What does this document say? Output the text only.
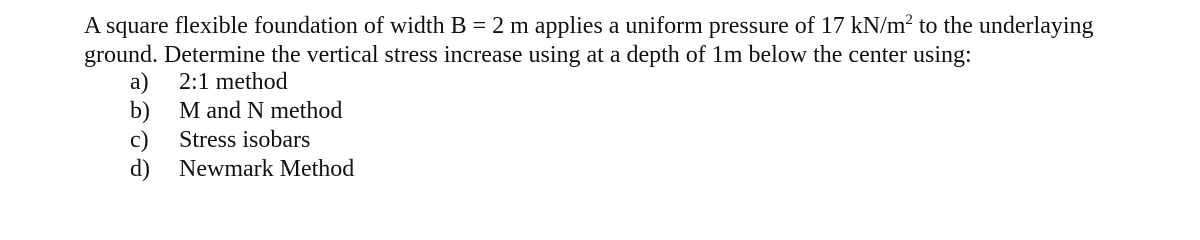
A square flexible foundation of width B = 2 m applies a uniform pressure of 17 $kN/m^2$ to the underlaying

ground. Determine the vertical stress increase using at a depth of 1m below the center using:

a)	2:1 method
b)	M and N method
c)	Stress isobars
d)	Newmark Method
